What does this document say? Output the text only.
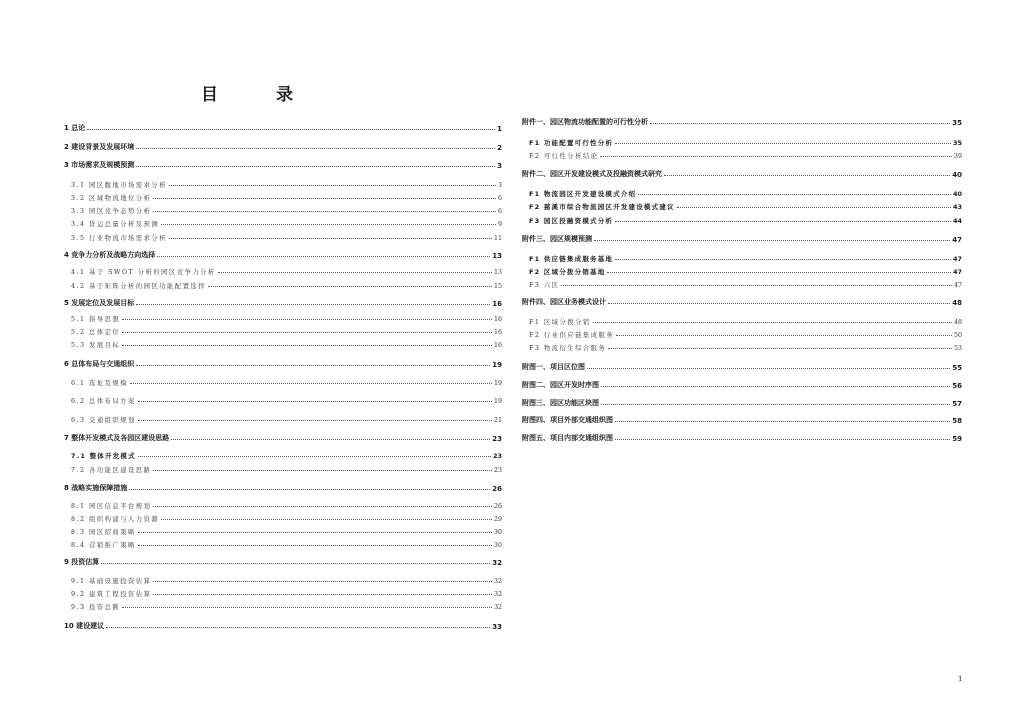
目 录
1 总论	1
2 建设背景及发展环境	2
3 市场需求及规模预测	3
3.1 园区腹地市场需求分析	3
3.2 区域物流地位分析	6
3.3 园区竞争态势分析	6
3.4 货运总量分析及预测	9
3.5 行业物流市场需求分析	11
4 竞争力分析及战略方向选择	13
4.1 基于 SWOT 分析的园区竞争力分析	13
4.2 基于矩阵分析的园区功能配置选择	15
5 发展定位及发展目标	16
5.1 指导思想	16
5.2 总体定位	16
5.3 发展目标	16
6 总体布局与交通组织	19
6.1 选址及规模	19
6.2 总体布局方案	19
6.3 交通组织规划	21
7 整体开发模式及各园区建设思路	23
7.1 整体开发模式	23
7.2 各功能区建设思路	23
8 战略实施保障措施	26
8.1 园区信息平台规划	26
8.2 组织构建与人力资源	29
8.3 园区招商策略	30
8.4 营销推广策略	30
9 投资估算	32
9.1 基础设施投资估算	32
9.2 建筑工程投资估算	32
9.3 投资总额	32
10 建设建议	33
附件一、园区物流功能配置的可行性分析	35
F1 功能配置可行性分析	35
F2 可行性分析结论	39
附件二、园区开发建设模式及投融资模式研究	40
F1 物流园区开发建设模式介绍	40
F2 慈溪市综合物流园区开发建设模式建议	43
F3 园区投融资模式分析	44
附件三、园区规模预测	47
F1 供应链集成服务基地	47
F2 区域分拨分销基地	47
F3 六区	47
附件四、园区业务模式设计	48
F1 区域分拨分销	48
F2 行业供应链集成服务	50
F3 物流衍生综合服务	53
附图一、项目区位图	55
附图二、园区开发时序图	56
附图三、园区功能区块图	57
附图四、项目外部交通组织图	58
附图五、项目内部交通组织图	59
1
